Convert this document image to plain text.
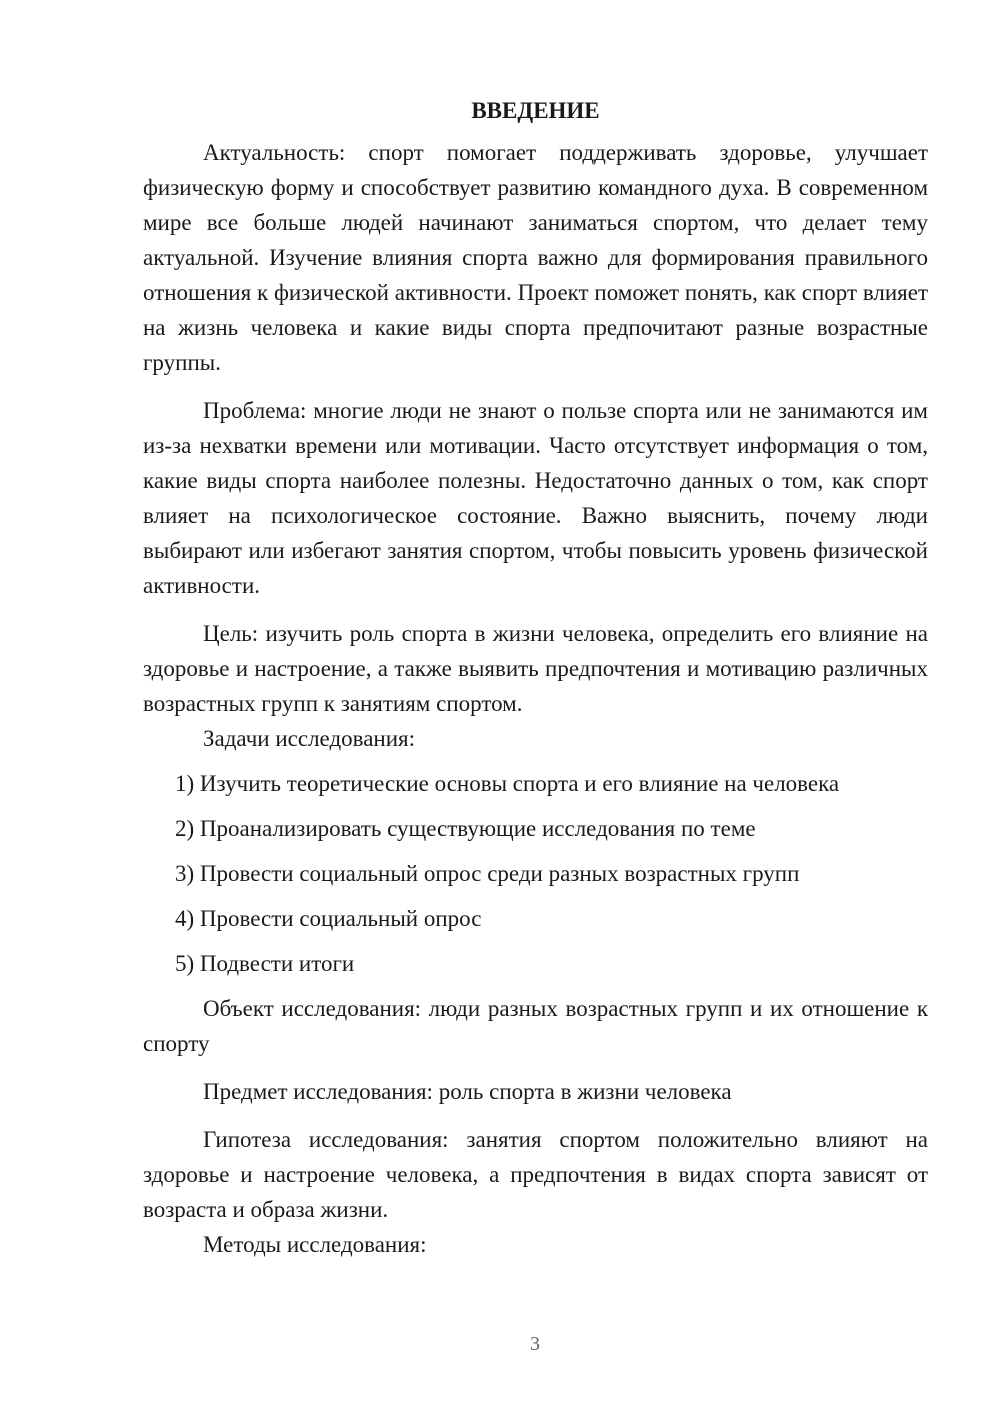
ВВЕДЕНИЕ

Актуальность: спорт помогает поддерживать здоровье, улучшает физическую форму и способствует развитию командного духа. В современном мире все больше людей начинают заниматься спортом, что делает тему актуальной. Изучение влияния спорта важно для формирования правильного отношения к физической активности. Проект поможет понять, как спорт влияет на жизнь человека и какие виды спорта предпочитают разные возрастные группы.

Проблема: многие люди не знают о пользе спорта или не занимаются им из-за нехватки времени или мотивации. Часто отсутствует информация о том, какие виды спорта наиболее полезны. Недостаточно данных о том, как спорт влияет на психологическое состояние. Важно выяснить, почему люди выбирают или избегают занятия спортом, чтобы повысить уровень физической активности.

Цель: изучить роль спорта в жизни человека, определить его влияние на здоровье и настроение, а также выявить предпочтения и мотивацию различных возрастных групп к занятиям спортом.

Задачи исследования:

1) Изучить теоретические основы спорта и его влияние на человека
2) Проанализировать существующие исследования по теме
3) Провести социальный опрос среди разных возрастных групп
4) Провести социальный опрос
5) Подвести итоги

Объект исследования: люди разных возрастных групп и их отношение к спорту

Предмет исследования: роль спорта в жизни человека

Гипотеза исследования: занятия спортом положительно влияют на здоровье и настроение человека, а предпочтения в видах спорта зависят от возраста и образа жизни.

Методы исследования:

3
